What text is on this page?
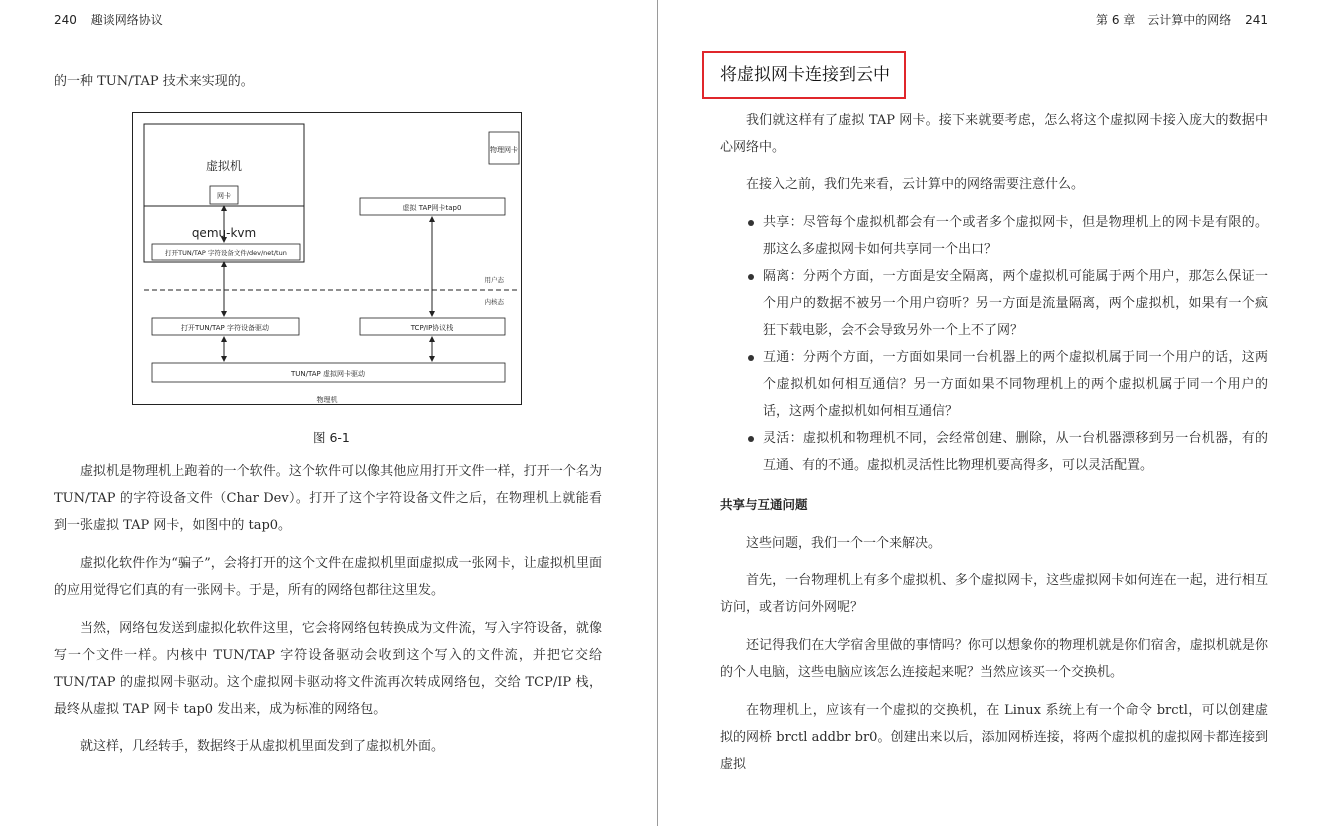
240 趣谈网络协议

的一种 TUN/TAP 技术来实现的。

虚拟机
网卡
物理网卡
qemu-kvm
打开TUN/TAP 字符设备文件/dev/net/tun
虚拟 TAP网卡tap0
用户态
内核态
打开TUN/TAP 字符设备驱动	TCP/IP协议栈
TUN/TAP 虚拟网卡驱动
物理机
图 6-1

虚拟机是物理机上跑着的一个软件。这个软件可以像其他应用打开文件一样，打开一个名为 TUN/TAP 的字符设备文件（Char Dev）。打开了这个字符设备文件之后，在物理机上就能看到一张虚拟 TAP 网卡，如图中的 tap0。

虚拟化软件作为“骗子”，会将打开的这个文件在虚拟机里面虚拟成一张网卡，让虚拟机里面的应用觉得它们真的有一张网卡。于是，所有的网络包都往这里发。

当然，网络包发送到虚拟化软件这里，它会将网络包转换成为文件流，写入字符设备，就像写一个文件一样。内核中 TUN/TAP 字符设备驱动会收到这个写入的文件流，并把它交给TUN/TAP 的虚拟网卡驱动。这个虚拟网卡驱动将文件流再次转成网络包，交给 TCP/IP 栈，最终从虚拟 TAP 网卡 tap0 发出来，成为标准的网络包。

就这样，几经转手，数据终于从虚拟机里面发到了虚拟机外面。

第 6 章　云计算中的网络 241
将虚拟网卡连接到云中

我们就这样有了虚拟 TAP 网卡。接下来就要考虑，怎么将这个虚拟网卡接入庞大的数据中心网络中。

在接入之前，我们先来看，云计算中的网络需要注意什么。

共享：尽管每个虚拟机都会有一个或者多个虚拟网卡，但是物理机上的网卡是有限的。那这么多虚拟网卡如何共享同一个出口？
隔离：分两个方面，一方面是安全隔离，两个虚拟机可能属于两个用户，那怎么保证一个用户的数据不被另一个用户窃听？另一方面是流量隔离，两个虚拟机，如果有一个疯狂下载电影，会不会导致另外一个上不了网？
互通：分两个方面，一方面如果同一台机器上的两个虚拟机属于同一个用户的话，这两个虚拟机如何相互通信？另一方面如果不同物理机上的两个虚拟机属于同一个用户的话，这两个虚拟机如何相互通信？
灵活：虚拟机和物理机不同，会经常创建、删除，从一台机器漂移到另一台机器，有的互通、有的不通。虚拟机灵活性比物理机要高得多，可以灵活配置。
共享与互通问题

这些问题，我们一个一个来解决。

首先，一台物理机上有多个虚拟机、多个虚拟网卡，这些虚拟网卡如何连在一起，进行相互访问，或者访问外网呢？

还记得我们在大学宿舍里做的事情吗？你可以想象你的物理机就是你们宿舍，虚拟机就是你的个人电脑，这些电脑应该怎么连接起来呢？当然应该买一个交换机。

在物理机上，应该有一个虚拟的交换机，在 Linux 系统上有一个命令 brctl，可以创建虚拟的网桥 brctl addbr br0。创建出来以后，添加网桥连接，将两个虚拟机的虚拟网卡都连接到虚拟
